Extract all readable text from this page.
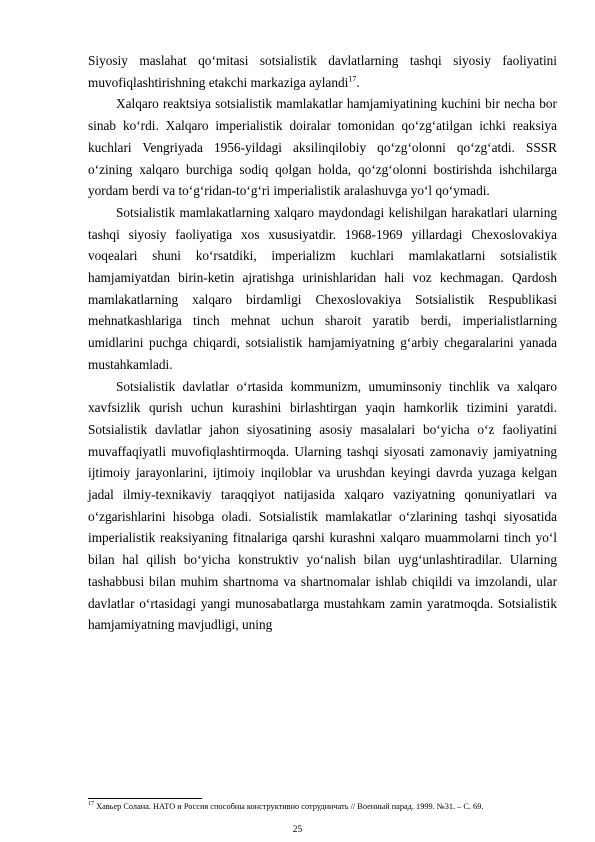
Siyosiy maslahat qo‘mitasi sotsialistik davlatlarning tashqi siyosiy faoliyatini muvofiqlashtirishning etakchi markaziga aylandi$^{17}$.

Xalqaro reaktsiya sotsialistik mamlakatlar hamjamiyatining kuchini bir necha bor sinab ko‘rdi. Xalqaro imperialistik doiralar tomonidan qo‘zg‘atilgan ichki reaksiya kuchlari Vengriyada 1956-yildagi aksilinqilobiy qo‘zg‘olonni qo‘zg‘atdi. SSSR o‘zining xalqaro burchiga sodiq qolgan holda, qo‘zg‘olonni bostirishda ishchilarga yordam berdi va to‘g‘ridan-to‘g‘ri imperialistik aralashuvga yo‘l qo‘ymadi.

Sotsialistik mamlakatlarning xalqaro maydondagi kelishilgan harakatlari ularning tashqi siyosiy faoliyatiga xos xususiyatdir. 1968-1969 yillardagi Chexoslovakiya voqealari shuni ko‘rsatdiki, imperializm kuchlari mamlakatlarni sotsialistik hamjamiyatdan birin-ketin ajratishga urinishlaridan hali voz kechmagan. Qardosh mamlakatlarning xalqaro birdamligi Chexoslovakiya Sotsialistik Respublikasi mehnatkashlariga tinch mehnat uchun sharoit yaratib berdi, imperialistlarning umidlarini puchga chiqardi, sotsialistik hamjamiyatning g‘arbiy chegaralarini yanada mustahkamladi.

Sotsialistik davlatlar o‘rtasida kommunizm, umuminsoniy tinchlik va xalqaro xavfsizlik qurish uchun kurashini birlashtirgan yaqin hamkorlik tizimini yaratdi. Sotsialistik davlatlar jahon siyosatining asosiy masalalari bo‘yicha o‘z faoliyatini muvaffaqiyatli muvofiqlashtirmoqda. Ularning tashqi siyosati zamonaviy jamiyatning ijtimoiy jarayonlarini, ijtimoiy inqiloblar va urushdan keyingi davrda yuzaga kelgan jadal ilmiy-texnikaviy taraqqiyot natijasida xalqaro vaziyatning qonuniyatlari va o‘zgarishlarini hisobga oladi. Sotsialistik mamlakatlar o‘zlarining tashqi siyosatida imperialistik reaksiyaning fitnalariga qarshi kurashni xalqaro muammolarni tinch yo‘l bilan hal qilish bo‘yicha konstruktiv yo‘nalish bilan uyg‘unlashtiradilar. Ularning tashabbusi bilan muhim shartnoma va shartnomalar ishlab chiqildi va imzolandi, ular davlatlar o‘rtasidagi yangi munosabatlarga mustahkam zamin yaratmoqda. Sotsialistik hamjamiyatning mavjudligi, uning

$^{17}$ Хавьер Солана. НАТО и Россия способны конструктивно сотрудничать // Военный парад. 1999. №31. – С. 69.
25
